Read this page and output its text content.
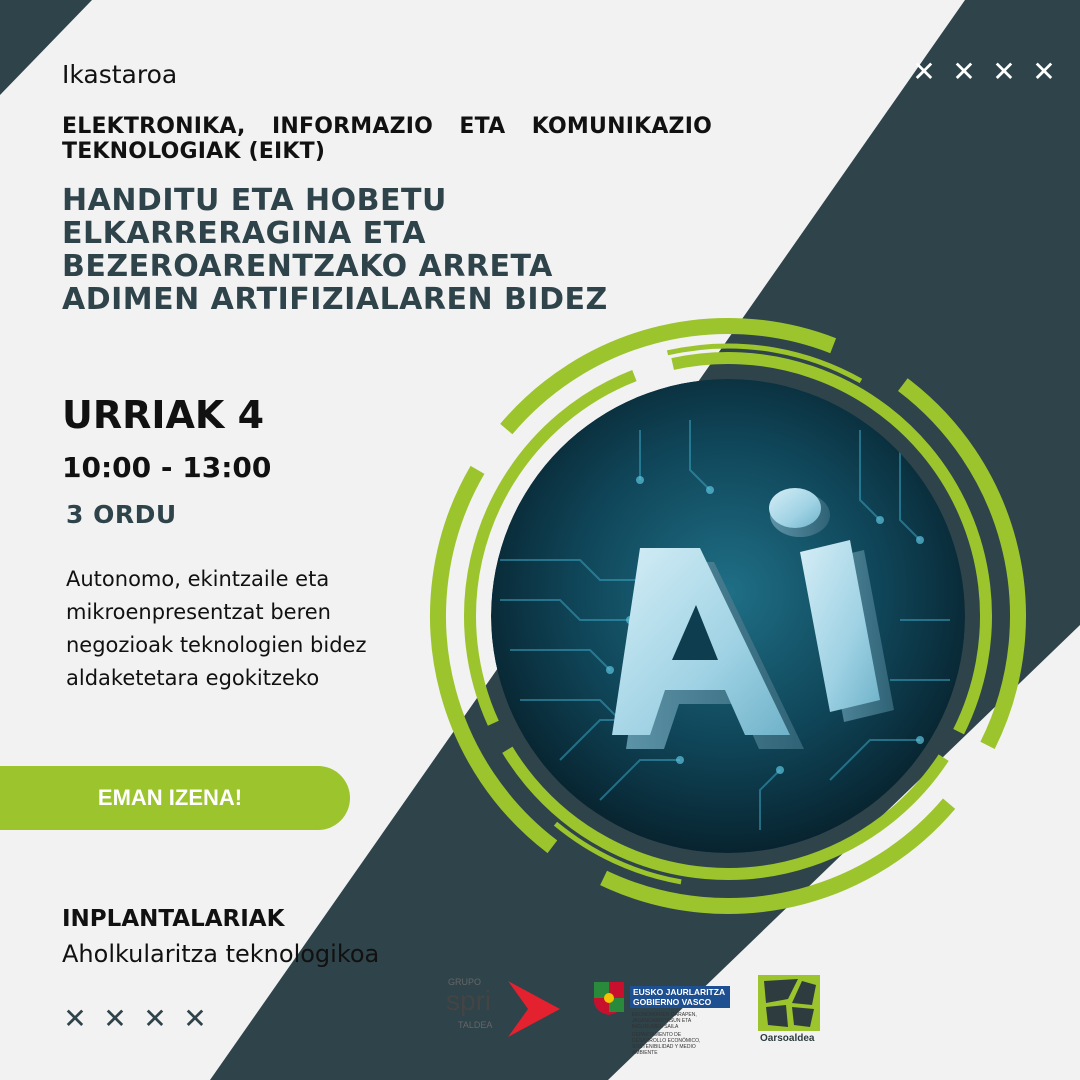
Ikastaroa
ELEKTRONIKA, INFORMAZIO ETA KOMUNIKAZIO TEKNOLOGIAK (EIKT)
HANDITU ETA HOBETU ELKARRERAGINA ETA BEZEROARENTZAKO ARRETA ADIMEN ARTIFIZIALAREN BIDEZ
URRIAK 4
10:00 - 13:00
3 ORDU
Autonomo, ekintzaile eta mikroenpresentzat beren negozioak teknologien bidez aldaketetara egokitzeko
EMAN IZENA!
INPLANTALARIAK
Aholkularitza teknologikoa
✕ ✕ ✕ ✕
✕ ✕ ✕ ✕
GRUPO
spri
TALDEA
EUSKO JAURLARITZA
GOBIERNO VASCO
EKONOMIAREN GARAPEN, JASANGARRITASUN ETA INGURUMEN SAILA
DEPARTAMENTO DE DESARROLLO ECONÓMICO, SOSTENIBILIDAD Y MEDIO AMBIENTE
Oarsoaldea
